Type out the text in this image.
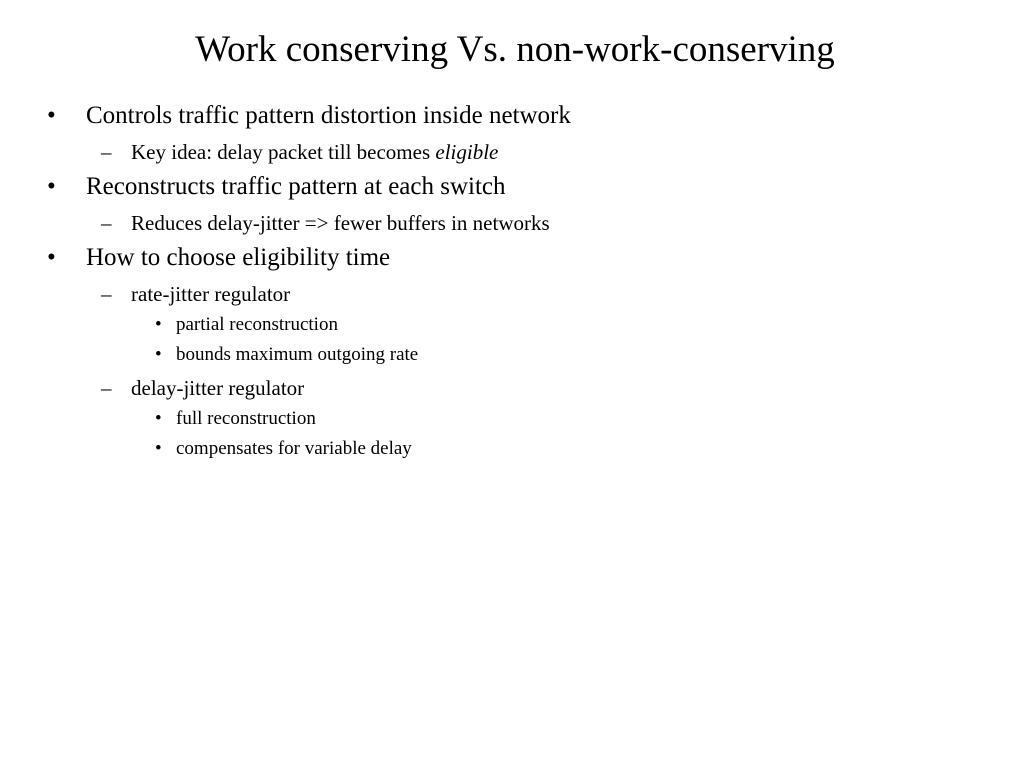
Work conserving Vs. non-work-conserving
• Controls traffic pattern distortion inside network
– Key idea: delay packet till becomes eligible
• Reconstructs traffic pattern at each switch
– Reduces delay-jitter => fewer buffers in networks
• How to choose eligibility time
– rate-jitter regulator
• partial reconstruction
• bounds maximum outgoing rate
– delay-jitter regulator
• full reconstruction
• compensates for variable delay
